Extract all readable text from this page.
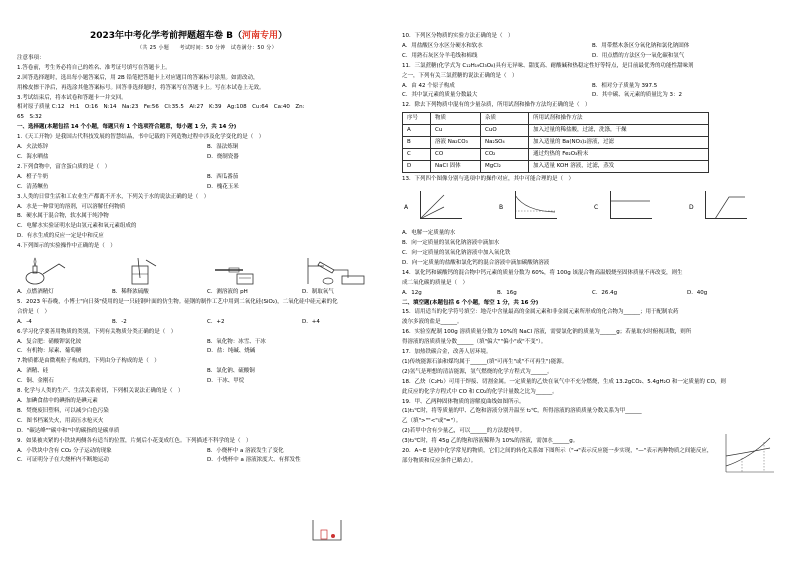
2023年中考化学考前押题超车卷 B（河南专用）
（共 25 小题　　考试时间：50 分钟　试卷满分：50 分）
注意事项：
1.答卷前，考生务必将自己的姓名、准考证号填写在答题卡上。
2.回答选择题时，选出每小题答案后，用 2B 铅笔把答题卡上对应题目的答案标号涂黑。如需改动，
用橡皮擦干净后，再选涂其他答案标号。回答非选择题时，将答案写在答题卡上。写在本试卷上无效。
3.考试结束后，将本试卷和答题卡一并交回。
相对原子质量 C:12　H:1　O:16　N:14　Na:23　Fe:56　Cl:35.5　Al:27　K:39　Ag:108　Cu:64　Ca:40　Zn:
65　S:32
一、选择题(本题包括 14 个小题，每题只有 1 个选项符合题意，每小题 1 分，共 14 分)
1.《天工开物》是我国古代科技发展的智慧结晶，书中记载的下列造物过程中涉及化学变化的是（　）
A．火法炼锌	B．湿法炼铜
C．海水晒盐	D．烧制瓷器
2.下列食物中，富含蛋白质的是（　）
A．橙子牛奶	B．西瓜番茄
C．清蒸鳜鱼	D．槐花玉米
3.人类的日常生活和工农业生产都离不开水，下列关于水的说法正确的是（　）
A．水是一种常见的溶剂，可以溶解任何物质
B．硬水属于混合物，软水属于纯净物
C．电解水实验证明水是由氢元素和氧元素组成的
D．有水生成的反应一定是中和反应
4.下列图示的实验操作中正确的是（　）
A．点燃酒精灯	B．稀释浓硫酸	C．测溶液的 pH	D．制取氧气
5．2023 年春晚，小博士"向日葵"使用的是一只硅钢叶面的仿生物。硅钢的制作工艺中用到二氧化硅(SiO₂)，二氧化硅中硅元素的化
合价是（　）
A．-4	B．-2	C．+2	D．+4
6.学习化学要善用物质的类别，下列有关物质分类正确的是（　）
A．复合肥：硝酸钾氯化铵	B．氧化物：冰雪、干冰
C．有机物：尿素、葡萄糖	D．盐：纯碱、烧碱
7.物质都是由微观粒子构成的，下列由分子构成的是（　）
A．酒精、硅	B．氯化钠、硫酸铜
C．铜、金刚石	D．干冰、甲烷
8. 化学与人类的生产、生活关系密切，下列相关说法正确的是（　）
A．加碘食盐中的碘指的是碘元素
B．焚烧废旧塑料，可以减少白色污染
C．图书档案失火，用高压水枪灭火
D．"碳达峰""碳中和"中的碳指的是碳单质
9．如果被夹紧的小铁块两侧各有适当的位置，片刻后小花变成红色。下列描述不科学的是（　）
A．小铁块中含有 CO₂ 分子运动的现象	B．小烧杯中 a 溶液发生了变化
C．可证明分子在大烧杯内不断地运动	D．小烧杯中 a 溶液浓度大、有挥发性
10．下列区分物质的实验方法正确的是（　）
A．用盐酸区分水区分硬水和软水	B．用带燃木条区分氧化钠和氯化钠固体
C．用熟石灰区分羊毛线和棉线	D．用点燃的方法区分一氧化碳和氢气
11．三氯蔗糖(化学式为 C₁₂H₁₉Cl₃O₈)具有无异味、甜度高、耐酸碱和热稳定性好等特点，是目前最优秀的功能性甜味剂
之一，下列有关三氯蔗糖的说法正确的是（　）
A．由 42 个原子构成	B．相对分子质量为 397.5
C．其中氯元素的质量分数最大	D．其中碳、氧元素的质量比为 3：2
12．除去下列物质中混有的少量杂质，所用试剂和操作方法均正确的是（　）
序号	物质	杂质	所用试剂和操作方法
A	Cu	CuO	加入过量的稀盐酸，过滤，洗涤，干燥
B	溶液 Na₂CO₃	Na₂SO₄	加入适量的 Ba(NO₃)₂溶液，过滤
C	CO	CO₂	通过灼热的 Fe₂O₃粉末
D	NaCl 固体	MgCl₂	加入适量 KOH 溶液，过滤，蒸发
13．下列四个图像分别与选项中的操作对应，其中可能合理的是（　）
A	B	C	D
A．电解一定质量的水
B．向一定质量的氢氧化钠溶液中滴加水
C．向一定质量的氢氧化钠溶液中加入氧化铁
D．向一定质量的盐酸和氯化钙的混合溶液中滴加碳酸钠溶液
14．氯化钙和碳酸钙的混合物中钙元素的质量分数为 60%，将 100g 该混合物高温煅烧至固体质量不再改变，则生
成二氧化碳的质量是（　）
A．12g	B．16g	C．26.4g	D．40g
二、填空题(本题包括 6 个小题，每空 1 分，共 16 分)
15．请用适当的化学符号填空：地壳中含量最高的金属元素和非金属元素所形成的化合物为______；用于配制农药
波尔多液的盐是______。
16．实验室配制 100g 溶质质量分数为 10%的 NaCl 溶液，需要氯化钠的质量为______g；若量取水时俯视读数，则所
得溶液的溶质质量分数______（填"偏大""偏小"或"不变"）。
17．加热铁碳合金，改善人居环境。
(1)传统能源石油和煤均属于______(填"可再生"或"不可再生")能源。
(2)氢气是理想的清洁能源，氢气燃烧的化学方程式为______。
18．乙炔（C₂H₂）可用于焊接、切割金属。一定质量的乙炔在氧气中不充分燃烧，生成 13.2gCO₂、5.4gH₂O 和一定质量的 CO，则
此反应的化学方程式中 CO 和 CO₂的化学计量数之比为______。
19．甲、乙两种固体物质的溶解度曲线如图所示。
(1)t₁℃时，将等质量的甲、乙饱和溶液分别升温至 t₂℃，所得溶液的溶质质量分数关系为甲______
乙（填">""<"或"="）。
(2)若甲中含有少量乙，可以______的方法提纯甲。
(3)t₂℃时，将 45g 乙的饱和溶液稀释为 10%的溶液，需加水______g。
20．A~E 是初中化学常见的物质，它们之间的转化关系如下图所示（"→"表示反应能一步实现，"—"表示两种物质之间能反应，
部分物质和反应条件已略去）。
